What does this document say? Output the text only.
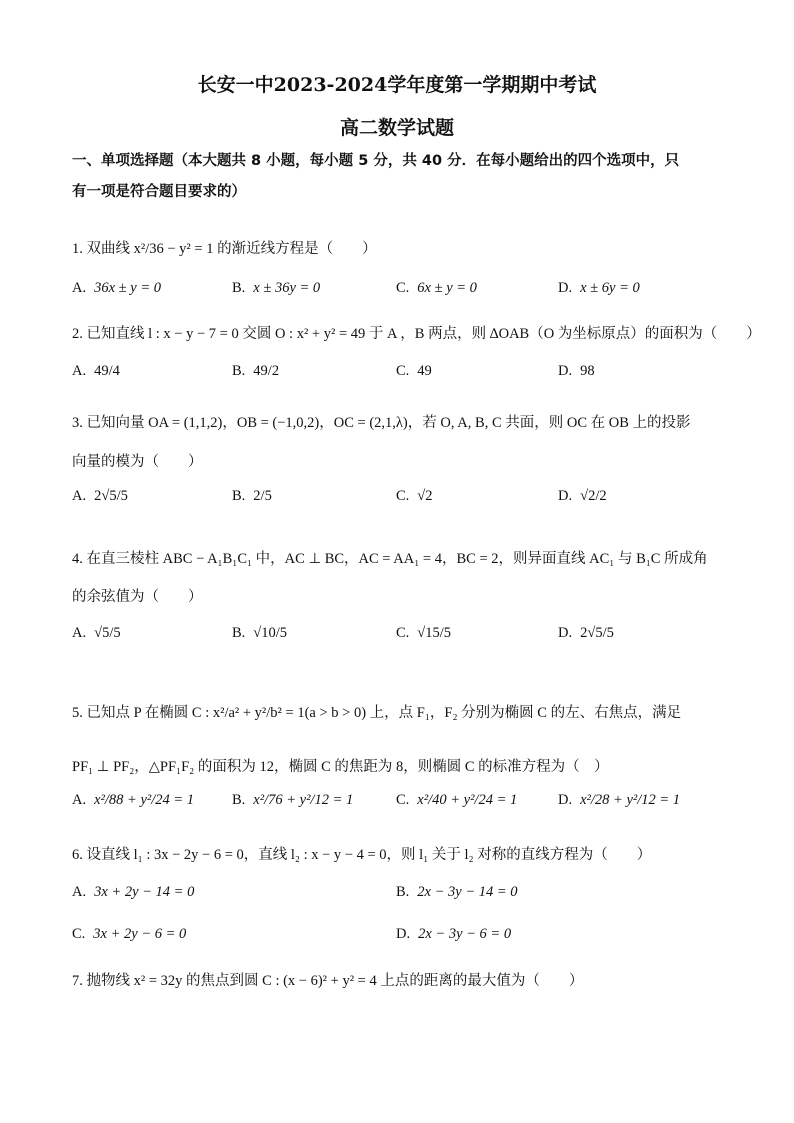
长安一中2023-2024学年度第一学期期中考试
高二数学试题
一、单项选择题（本大题共 8 小题，每小题 5 分，共 40 分．在每小题给出的四个选项中，只
有一项是符合题目要求的）
1. 双曲线 x²/36 − y² = 1 的渐近线方程是（　　）
A. 36x ± y = 0	B. x ± 36y = 0	C. 6x ± y = 0	D. x ± 6y = 0
2. 已知直线 l : x − y − 7 = 0 交圆 O : x² + y² = 49 于 A ，B 两点，则 ∆OAB（O 为坐标原点）的面积为（　　）
A. 49/4	B. 49/2	C. 49	D. 98
3. 已知向量 OA = (1,1,2)，OB = (−1,0,2)，OC = (2,1,λ)，若 O, A, B, C 共面，则 OC 在 OB 上的投影
向量的模为（　　）
A. 2√5/5	B. 2/5	C. √2	D. √2/2
4. 在直三棱柱 ABC − A₁B₁C₁ 中，AC ⊥ BC，AC = AA₁ = 4，BC = 2，则异面直线 AC₁ 与 B₁C 所成角
的余弦值为（　　）
A. √5/5	B. √10/5	C. √15/5	D. 2√5/5
5. 已知点 P 在椭圆 C : x²/a² + y²/b² = 1(a > b > 0) 上，点 F₁，F₂ 分别为椭圆 C 的左、右焦点，满足
PF₁ ⊥ PF₂，△PF₁F₂ 的面积为 12，椭圆 C 的焦距为 8，则椭圆 C 的标准方程为（　）
A. x²/88 + y²/24 = 1	B. x²/76 + y²/12 = 1	C. x²/40 + y²/24 = 1	D. x²/28 + y²/12 = 1
6. 设直线 l₁ : 3x − 2y − 6 = 0，直线 l₂ : x − y − 4 = 0，则 l₁ 关于 l₂ 对称的直线方程为（　　）
A. 3x + 2y − 14 = 0	B. 2x − 3y − 14 = 0
C. 3x + 2y − 6 = 0	D. 2x − 3y − 6 = 0
7. 抛物线 x² = 32y 的焦点到圆 C : (x − 6)² + y² = 4 上点的距离的最大值为（　　）
